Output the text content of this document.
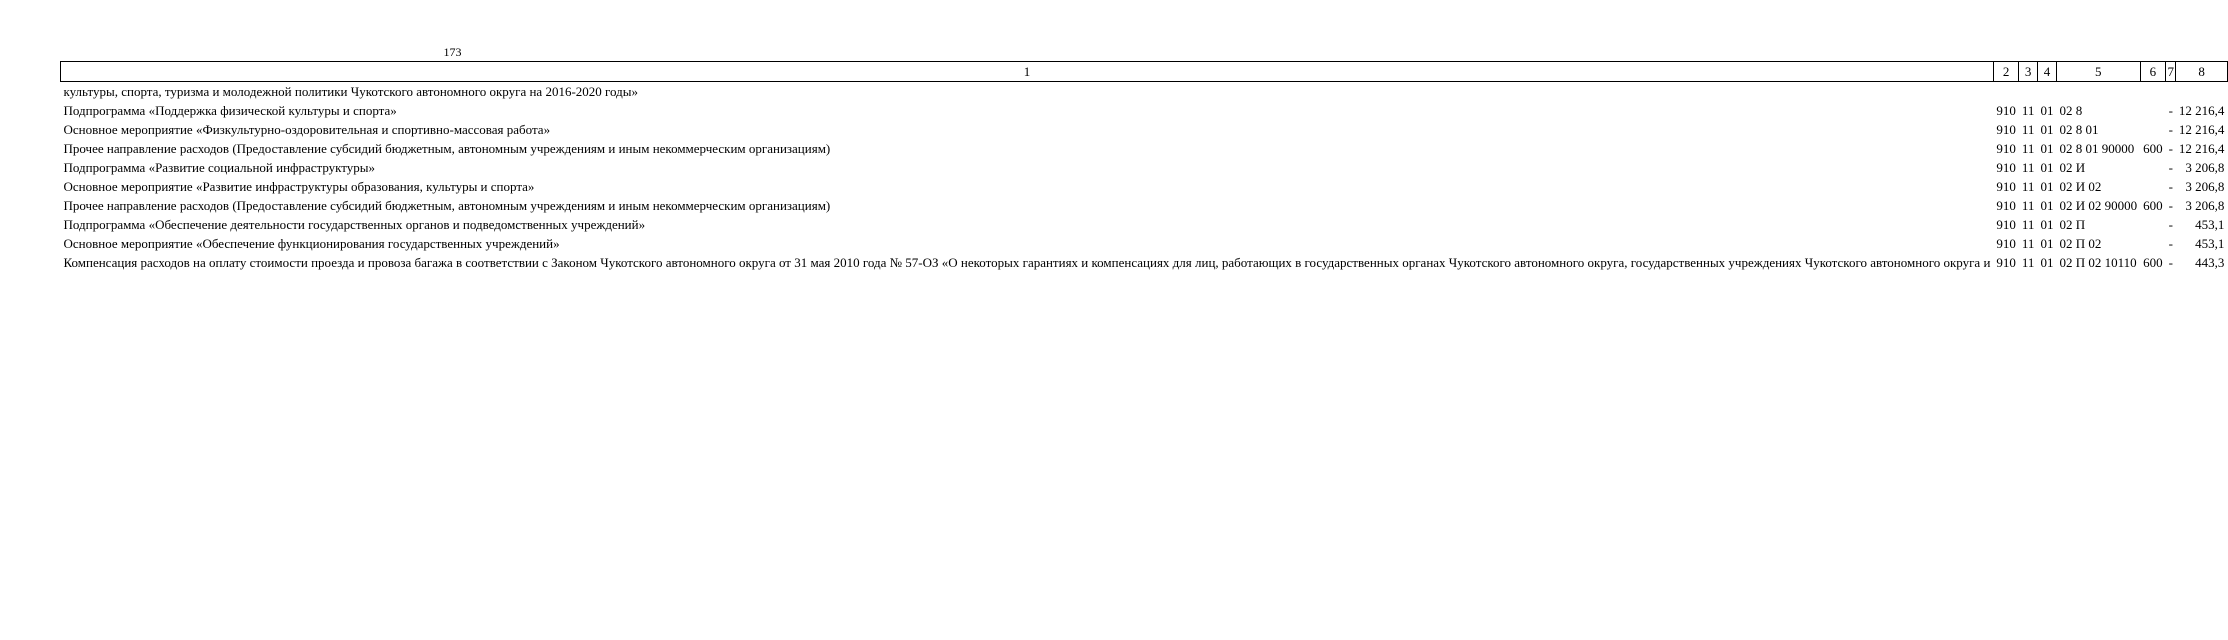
173
1	2	3	4	5	6	7	8
культуры, спорта, туризма и молодежной политики Чукотского автономного округа на 2016-2020 годы»							
Подпрограмма «Поддержка физической культуры и спорта»	910	11	01	02 8		-	12 216,4
Основное мероприятие «Физкультурно-оздоровительная и спортивно-массовая работа»	910	11	01	02 8 01		-	12 216,4
Прочее направление расходов (Предоставление субсидий бюджетным, автономным учреждениям и иным некоммерческим организациям)	910	11	01	02 8 01 90000	600	-	12 216,4
Подпрограмма «Развитие социальной инфраструктуры»	910	11	01	02 И		-	3 206,8
Основное мероприятие «Развитие инфраструктуры образования, культуры и спорта»	910	11	01	02 И 02		-	3 206,8
Прочее направление расходов (Предоставление субсидий бюджетным, автономным учреждениям и иным некоммерческим организациям)	910	11	01	02 И 02 90000	600	-	3 206,8
Подпрограмма «Обеспечение деятельности государственных органов и подведомственных учреждений»	910	11	01	02 П		-	453,1
Основное мероприятие «Обеспечение функционирования государственных учреждений»	910	11	01	02 П 02		-	453,1
Компенсация расходов на оплату стоимости проезда и провоза багажа в соответствии с Законом Чукотского автономного округа от 31 мая 2010 года № 57-ОЗ «О некоторых гарантиях и компенсациях для лиц, работающих в государственных органах Чукотского автономного округа, государственных учреждениях Чукотского автономного округа и	910	11	01	02 П 02 10110	600	-	443,3
